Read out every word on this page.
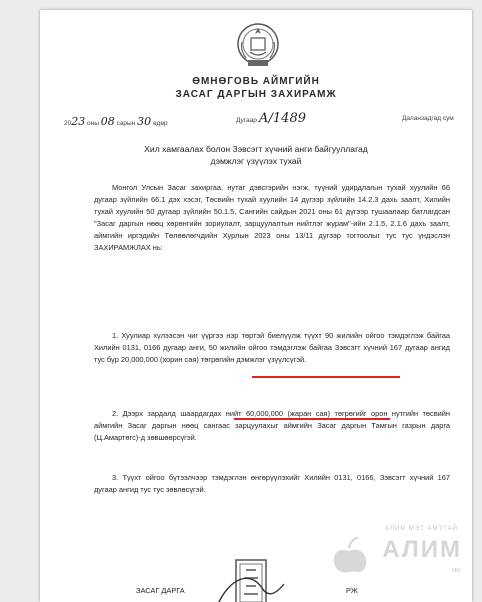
ӨМНӨГОВЬ АЙМГИЙН
ЗАСАГ ДАРГЫН ЗАХИРАМЖ
2023 оны 08 сарын 30 өдөр	Дугаар А/1489	Даланзадгад сум
Хил хамгаалах болон Зэвсэгт хүчний анги байгууллагад
дэмжлэг үзүүлэх тухай
Монгол Улсын Засаг захиргаа, нутаг дэвсгэрийн нэгж, түүний удирдлагын тухай хуулийн 66 дугаар зүйлийн 66.1 дэх хэсэг, Төсвийн тухай хуулийн 14 дүгээр зүйлийн 14.2.3 дахь заалт, Хилийн тухай хуулийн 50 дугаар зүйлийн 50.1.5, Сангийн сайдын 2021 оны 61 дүгээр тушаалаар батлагдсан "Засаг даргын нөөц хөрөнгийн зориулалт, зарцуулалтын нийтлэг журам"-ийн 2.1.5, 2.1.6 дахь заалт, аймгийн иргэдийн Төлөөлөгчдийн Хурлын 2023 оны 13/11 дүгээр тогтоолыг тус тус үндэслэн ЗАХИРАМЖЛАХ нь:
1. Хуулиар хүлээсэн чиг үүргээ нэр төртэй биелүүлж түүхт 90 жилийн ойгоо тэмдэглэж байгаа Хилийн 0131, 0166 дугаар анги, 50 жилийн ойгоо тэмдэглэж байгаа Зэвсэгт хүчний 167 дугаар ангид тус бүр 20,000,000 (хорин сая) төгрөгийн дэмжлэг үзүүлсүгэй.
2. Дээрх зардалд шаардагдах нийт 60,000,000 (жаран сая) төгрөгийг орон нутгийн төсвийн аймгийн Засаг даргын нөөц сангаас зарцуулахыг аймгийн Засаг даргын Тамгын газрын дарга (Ц.Амартөгс)-д зөвшөөрсүгэй.
3. Түүхт ойгоо бүтээлчээр тэмдэглэн өнгөрүүлэхийг Хилийн 0131, 0166, Зэвсэгт хүчний 167 дугаар ангид тус тус зөвлөсүгэй.
ЗАСАГ ДАРГА	РЖ
АЛИМ МЭТ АМТТАЙ
АЛИМ
.MN
